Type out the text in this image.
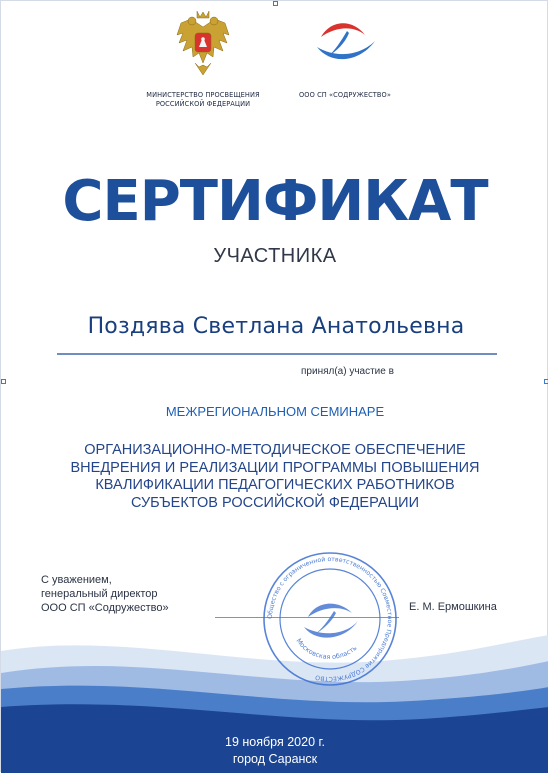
МИНИСТЕРСТВО ПРОСВЕЩЕНИЯ
РОССИЙСКОЙ ФЕДЕРАЦИИ
ООО СП «СОДРУЖЕСТВО»
СЕРТИФИКАТ
УЧАСТНИКА
Поздява Светлана Анатольевна
принял(а) участие в
МЕЖРЕГИОНАЛЬНОМ СЕМИНАРЕ
ОРГАНИЗАЦИОННО-МЕТОДИЧЕСКОЕ ОБЕСПЕЧЕНИЕ
ВНЕДРЕНИЯ И РЕАЛИЗАЦИИ ПРОГРАММЫ ПОВЫШЕНИЯ
КВАЛИФИКАЦИИ ПЕДАГОГИЧЕСКИХ РАБОТНИКОВ
СУБЪЕКТОВ РОССИЙСКОЙ ФЕДЕРАЦИИ
С уважением,
генеральный директор
ООО СП «Содружество»	Е. М. Ермошкина
Общество с ограниченной ответственностью Совместное Предприятие СОДРУЖЕСТВО
Московская область
19 ноября 2020 г.
город Саранск
